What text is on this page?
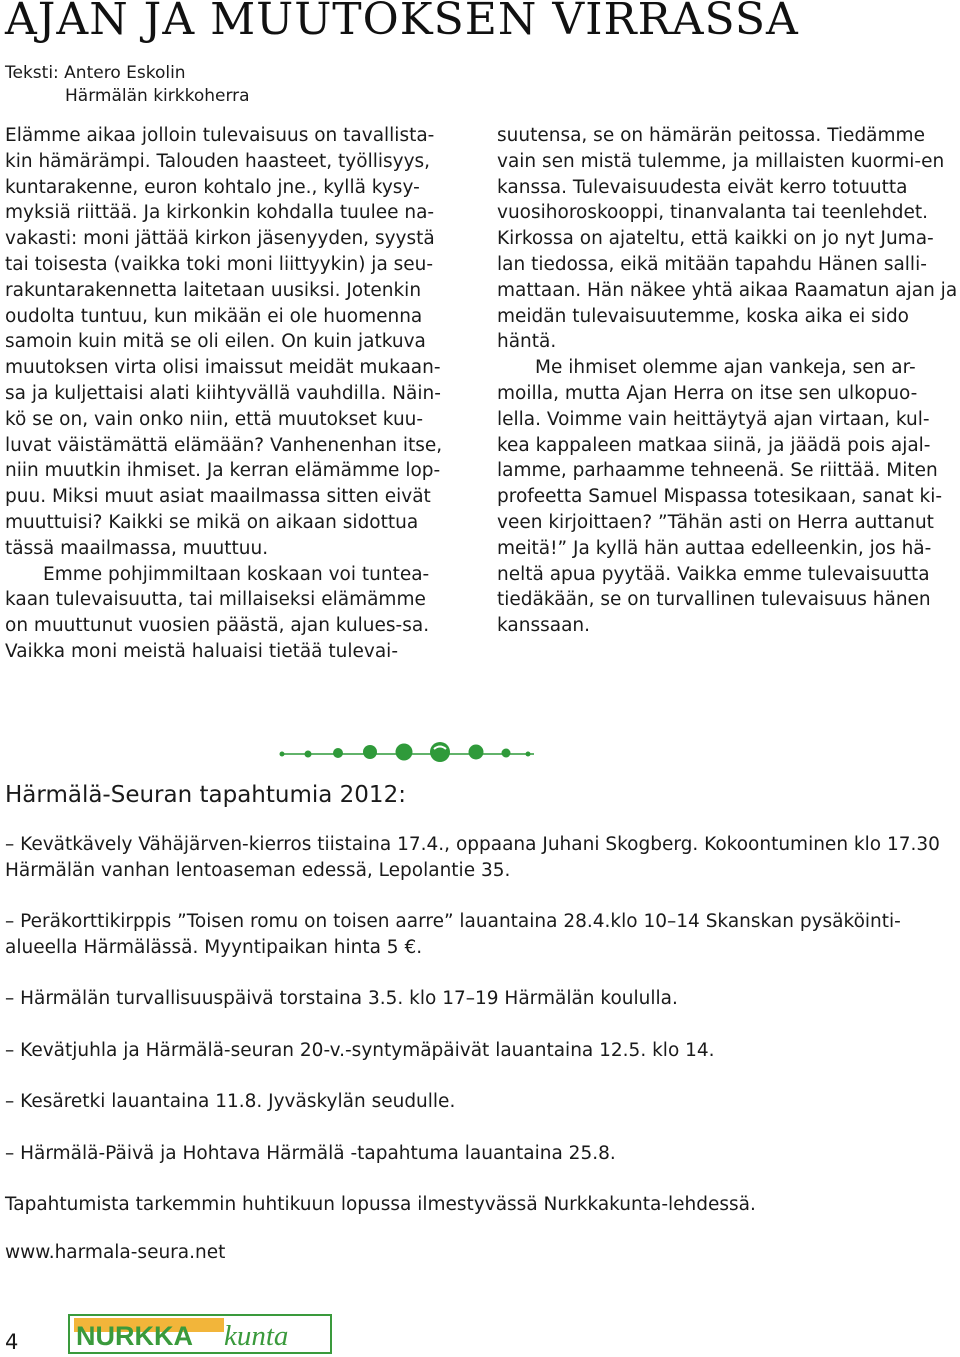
AJAN JA MUUTOKSEN VIRRASSA
Teksti: Antero Eskolin
Härmälän kirkkoherra

Elämme aikaa jolloin tulevaisuus on tavallista-kin hämärämpi. Talouden haasteet, työllisyys, kuntarakenne, euron kohtalo jne., kyllä kysy-myksiä riittää. Ja kirkonkin kohdalla tuulee na-vakasti: moni jättää kirkon jäsenyyden, syystä tai toisesta (vaikka toki moni liittyykin) ja seu-rakuntarakennetta laitetaan uusiksi. Jotenkin oudolta tuntuu, kun mikään ei ole huomenna samoin kuin mitä se oli eilen. On kuin jatkuva muutoksen virta olisi imaissut meidät mukaan-sa ja kuljettaisi alati kiihtyvällä vauhdilla. Näin-kö se on, vain onko niin, että muutokset kuu-luvat väistämättä elämään? Vanhenenhan itse, niin muutkin ihmiset. Ja kerran elämämme lop-puu. Miksi muut asiat maailmassa sitten eivät muuttuisi? Kaikki se mikä on aikaan sidottua tässä maailmassa, muuttuu.

Emme pohjimmiltaan koskaan voi tuntea-kaan tulevaisuutta, tai millaiseksi elämämme on muuttunut vuosien päästä, ajan kulues-sa. Vaikka moni meistä haluaisi tietää tulevai-

suutensa, se on hämärän peitossa. Tiedämme vain sen mistä tulemme, ja millaisten kuormi-en kanssa. Tulevaisuudesta eivät kerro totuutta vuosihoroskooppi, tinanvalanta tai teenlehdet. Kirkossa on ajateltu, että kaikki on jo nyt Juma-lan tiedossa, eikä mitään tapahdu Hänen salli-mattaan. Hän näkee yhtä aikaa Raamatun ajan ja meidän tulevaisuutemme, koska aika ei sido häntä.

Me ihmiset olemme ajan vankeja, sen ar-moilla, mutta Ajan Herra on itse sen ulkopuo-lella. Voimme vain heittäytyä ajan virtaan, kul-kea kappaleen matkaa siinä, ja jäädä pois ajal-lamme, parhaamme tehneenä. Se riittää. Miten profeetta Samuel Mispassa totesikaan, sanat ki-veen kirjoittaen? ”Tähän asti on Herra auttanut meitä!” Ja kyllä hän auttaa edelleenkin, jos hä-neltä apua pyytää. Vaikka emme tulevaisuutta tiedäkään, se on turvallinen tulevaisuus hänen kanssaan.

Härmälä-Seuran tapahtumia 2012:

– Kevätkävely Vähäjärven-kierros tiistaina 17.4., oppaana Juhani Skogberg. Kokoontuminen klo 17.30 Härmälän vanhan lentoaseman edessä, Lepolantie 35.

– Peräkorttikirppis ”Toisen romu on toisen aarre” lauantaina 28.4.klo 10–14 Skanskan pysäköinti-alueella Härmälässä. Myyntipaikan hinta 5 €.

– Härmälän turvallisuuspäivä torstaina 3.5. klo 17–19 Härmälän koululla.

– Kevätjuhla ja Härmälä-seuran 20-v.-syntymäpäivät lauantaina 12.5. klo 14.

– Kesäretki lauantaina 11.8. Jyväskylän seudulle.

– Härmälä-Päivä ja Hohtava Härmälä -tapahtuma lauantaina 25.8.

Tapahtumista tarkemmin huhtikuun lopussa ilmestyvässä Nurkkakunta-lehdessä.

www.harmala-seura.net

4 NURKKA kunta
